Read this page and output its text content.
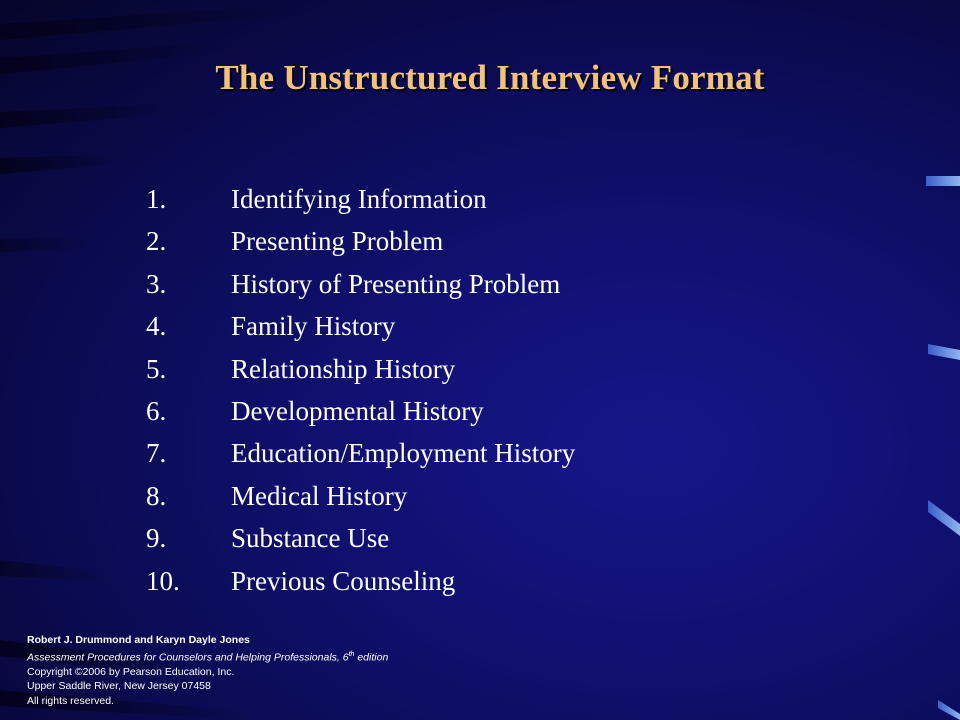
The Unstructured Interview Format
1. Identifying Information
2. Presenting Problem
3. History of Presenting Problem
4. Family History
5. Relationship History
6. Developmental History
7. Education/Employment History
8. Medical History
9. Substance Use
10. Previous Counseling
Robert J. Drummond and Karyn Dayle Jones
Assessment Procedures for Counselors and Helping Professionals, 6th edition
Copyright ©2006 by Pearson Education, Inc.
Upper Saddle River, New Jersey 07458
All rights reserved.
